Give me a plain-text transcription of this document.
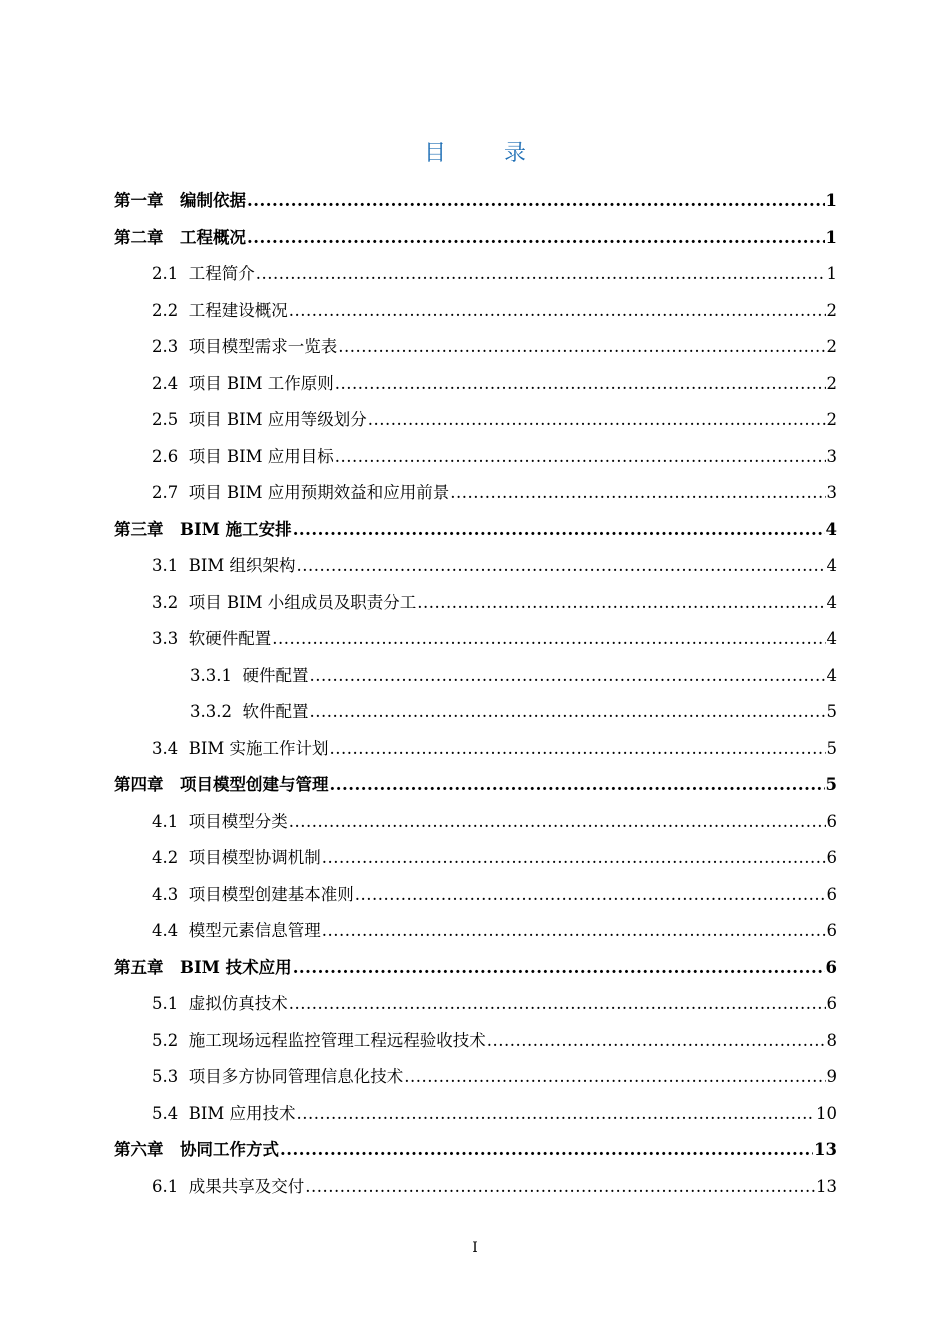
目　录
第一章　编制依据 .....	1
第二章　工程概况 .....	1
2.1  工程简介 .....	1
2.2  工程建设概况 .....	2
2.3  项目模型需求一览表 .....	2
2.4  项目 BIM 工作原则 .....	2
2.5  项目 BIM 应用等级划分 .....	2
2.6  项目 BIM 应用目标 .....	3
2.7  项目 BIM 应用预期效益和应用前景 .....	3
第三章　BIM 施工安排 .....	4
3.1  BIM 组织架构 .....	4
3.2  项目 BIM 小组成员及职责分工 .....	4
3.3  软硬件配置 .....	4
3.3.1  硬件配置 .....	4
3.3.2  软件配置 .....	5
3.4  BIM 实施工作计划 .....	5
第四章　项目模型创建与管理 .....	5
4.1  项目模型分类 .....	6
4.2  项目模型协调机制 .....	6
4.3  项目模型创建基本准则 .....	6
4.4  模型元素信息管理 .....	6
第五章　BIM 技术应用 .....	6
5.1  虚拟仿真技术 .....	6
5.2  施工现场远程监控管理工程远程验收技术 .....	8
5.3  项目多方协同管理信息化技术 .....	9
5.4  BIM 应用技术 .....	10
第六章　协同工作方式 .....	13
6.1  成果共享及交付 .....	13
I
